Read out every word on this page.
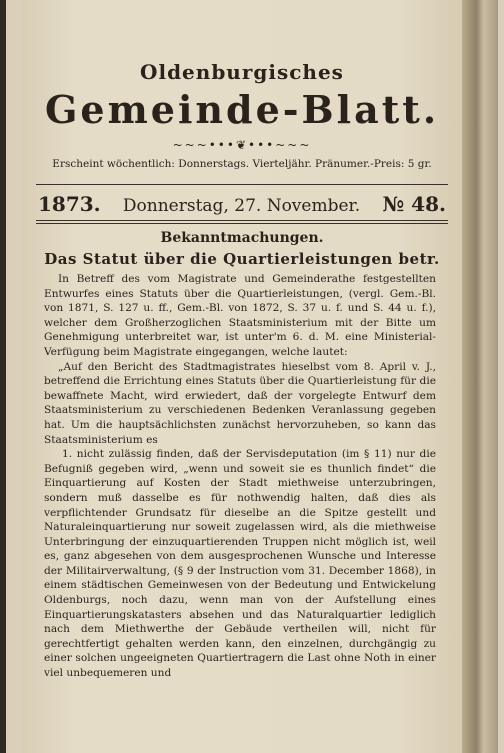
Oldenburgisches
Gemeinde-Blatt.
~~~•••❦•••~~~
Erscheint wöchentlich: Donnerstags. Vierteljähr. Pränumer.-Preis: 5 gr.
1873. Donnerstag, 27. November. № 48.
Bekanntmachungen.
Das Statut über die Quartierleistungen betr.

In Betreff des vom Magistrate und Gemeinderathe festgestellten Entwurfes eines Statuts über die Quartierleistungen, (vergl. Gem.-Bl. von 1871, S. 127 u. ff., Gem.-Bl. von 1872, S. 37 u. f. und S. 44 u. f.), welcher dem Großherzoglichen Staatsministerium mit der Bitte um Genehmigung unterbreitet war, ist unter'm 6. d. M. eine Ministerial-Verfügung beim Magistrate eingegangen, welche lautet:

„Auf den Bericht des Stadtmagistrates hieselbst vom 8. April v. J., betreffend die Errichtung eines Statuts über die Quartierleistung für die bewaffnete Macht, wird erwiedert, daß der vorgelegte Entwurf dem Staatsministerium zu verschiedenen Bedenken Veranlassung gegeben hat. Um die hauptsächlichsten zunächst hervorzuheben, so kann das Staatsministerium es

1. nicht zulässig finden, daß der Servisdeputation (im § 11) nur die Befugniß gegeben wird, „wenn und soweit sie es thunlich findet“ die Einquartierung auf Kosten der Stadt miethweise unterzubringen, sondern muß dasselbe es für nothwendig halten, daß dies als verpflichtender Grundsatz für dieselbe an die Spitze gestellt und Naturaleinquartierung nur soweit zugelassen wird, als die miethweise Unterbringung der einzuquartierenden Truppen nicht möglich ist, weil es, ganz abgesehen von dem ausgesprochenen Wunsche und Interesse der Militairverwaltung, (§ 9 der Instruction vom 31. December 1868), in einem städtischen Gemeinwesen von der Bedeutung und Entwickelung Oldenburgs, noch dazu, wenn man von der Aufstellung eines Einquartierungskatasters absehen und das Naturalquartier lediglich nach dem Miethwerthe der Gebäude vertheilen will, nicht für gerechtfertigt gehalten werden kann, den einzelnen, durchgängig zu einer solchen ungeeigneten Quartiertragern die Last ohne Noth in einer viel unbequemeren und
